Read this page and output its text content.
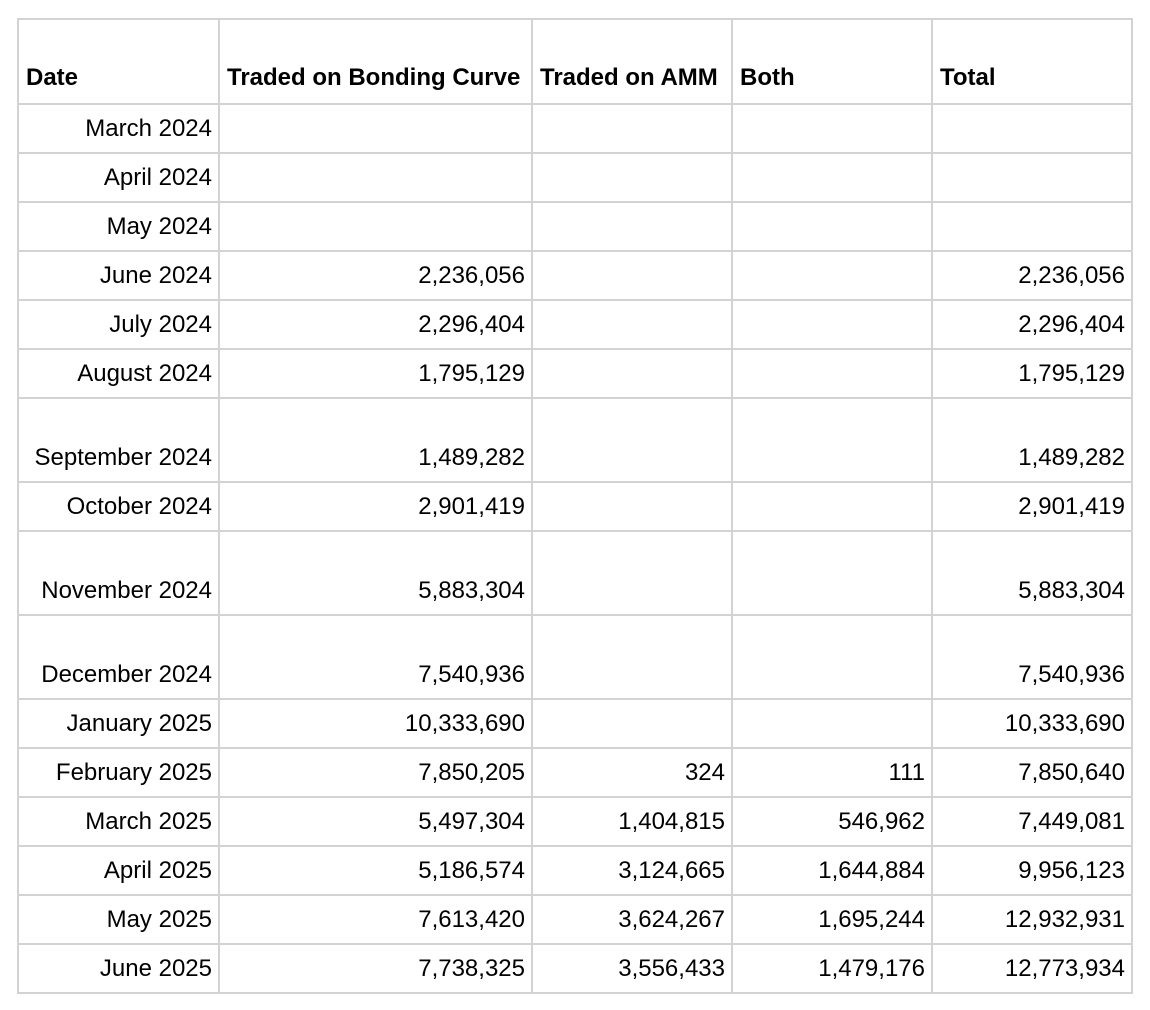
Date	Traded on Bonding Curve	Traded on AMM	Both	Total
March 2024				
April 2024				
May 2024				
June 2024	2,236,056			2,236,056
July 2024	2,296,404			2,296,404
August 2024	1,795,129			1,795,129
September 2024	1,489,282			1,489,282
October 2024	2,901,419			2,901,419
November 2024	5,883,304			5,883,304
December 2024	7,540,936			7,540,936
January 2025	10,333,690			10,333,690
February 2025	7,850,205	324	111	7,850,640
March 2025	5,497,304	1,404,815	546,962	7,449,081
April 2025	5,186,574	3,124,665	1,644,884	9,956,123
May 2025	7,613,420	3,624,267	1,695,244	12,932,931
June 2025	7,738,325	3,556,433	1,479,176	12,773,934
